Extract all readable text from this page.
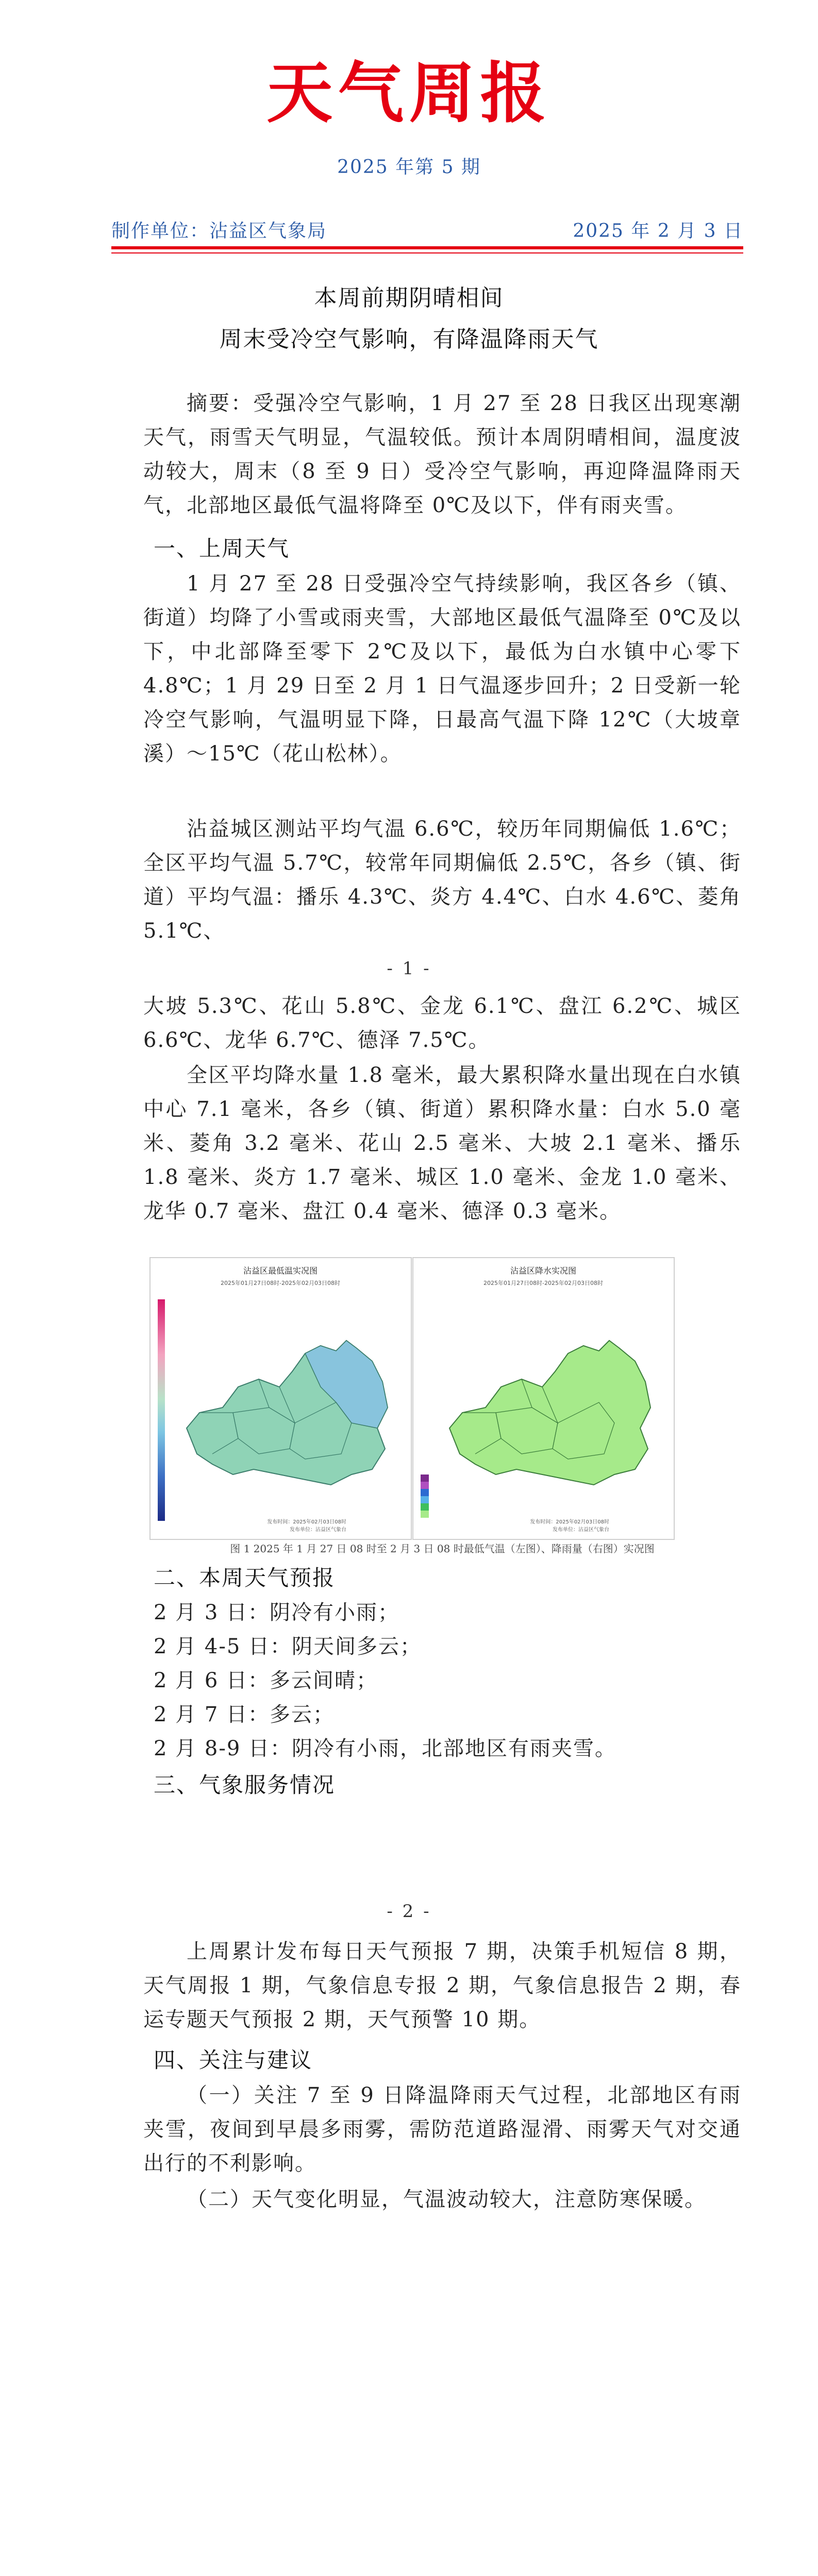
天气周报
2025 年第 5 期
制作单位：沾益区气象局	2025 年 2 月 3 日
本周前期阴晴相间
周末受冷空气影响，有降温降雨天气

摘要：受强冷空气影响，1 月 27 至 28 日我区出现寒潮天气，雨雪天气明显，气温较低。预计本周阴晴相间，温度波动较大，周末（8 至 9 日）受冷空气影响，再迎降温降雨天气，北部地区最低气温将降至 0℃及以下，伴有雨夹雪。

一、上周天气

1 月 27 至 28 日受强冷空气持续影响，我区各乡（镇、街道）均降了小雪或雨夹雪，大部地区最低气温降至 0℃及以下，中北部降至零下 2℃及以下，最低为白水镇中心零下 4.8℃；1 月 29 日至 2 月 1 日气温逐步回升；2 日受新一轮冷空气影响，气温明显下降，日最高气温下降 12℃（大坡章溪）～15℃（花山松林）。

沾益城区测站平均气温 6.6℃，较历年同期偏低 1.6℃；全区平均气温 5.7℃，较常年同期偏低 2.5℃，各乡（镇、街道）平均气温：播乐 4.3℃、炎方 4.4℃、白水 4.6℃、菱角 5.1℃、

- 1 -

大坡 5.3℃、花山 5.8℃、金龙 6.1℃、盘江 6.2℃、城区 6.6℃、龙华 6.7℃、德泽 7.5℃。

全区平均降水量 1.8 毫米，最大累积降水量出现在白水镇中心 7.1 毫米，各乡（镇、街道）累积降水量：白水 5.0 毫米、菱角 3.2 毫米、花山 2.5 毫米、大坡 2.1 毫米、播乐 1.8 毫米、炎方 1.7 毫米、城区 1.0 毫米、金龙 1.0 毫米、龙华 0.7 毫米、盘江 0.4 毫米、德泽 0.3 毫米。

沾益区最低温实况图
2025年01月27日08时-2025年02月03日08时
发布时间：2025年02月03日08时
发布单位：沾益区气象台
沾益区降水实况图
2025年01月27日08时-2025年02月03日08时
发布时间：2025年02月03日08时
发布单位：沾益区气象台
图 1 2025 年 1 月 27 日 08 时至 2 月 3 日 08 时最低气温（左图）、降雨量（右图）实况图
二、本周天气预报
2 月 3 日：阴冷有小雨；
2 月 4-5 日：阴天间多云；
2 月 6 日：多云间晴；
2 月 7 日：多云；
2 月 8-9 日：阴冷有小雨，北部地区有雨夹雪。
三、气象服务情况
- 2 -

上周累计发布每日天气预报 7 期，决策手机短信 8 期，天气周报 1 期，气象信息专报 2 期，气象信息报告 2 期，春运专题天气预报 2 期，天气预警 10 期。

四、关注与建议

（一）关注 7 至 9 日降温降雨天气过程，北部地区有雨夹雪，夜间到早晨多雨雾，需防范道路湿滑、雨雾天气对交通出行的不利影响。

（二）天气变化明显，气温波动较大，注意防寒保暖。
